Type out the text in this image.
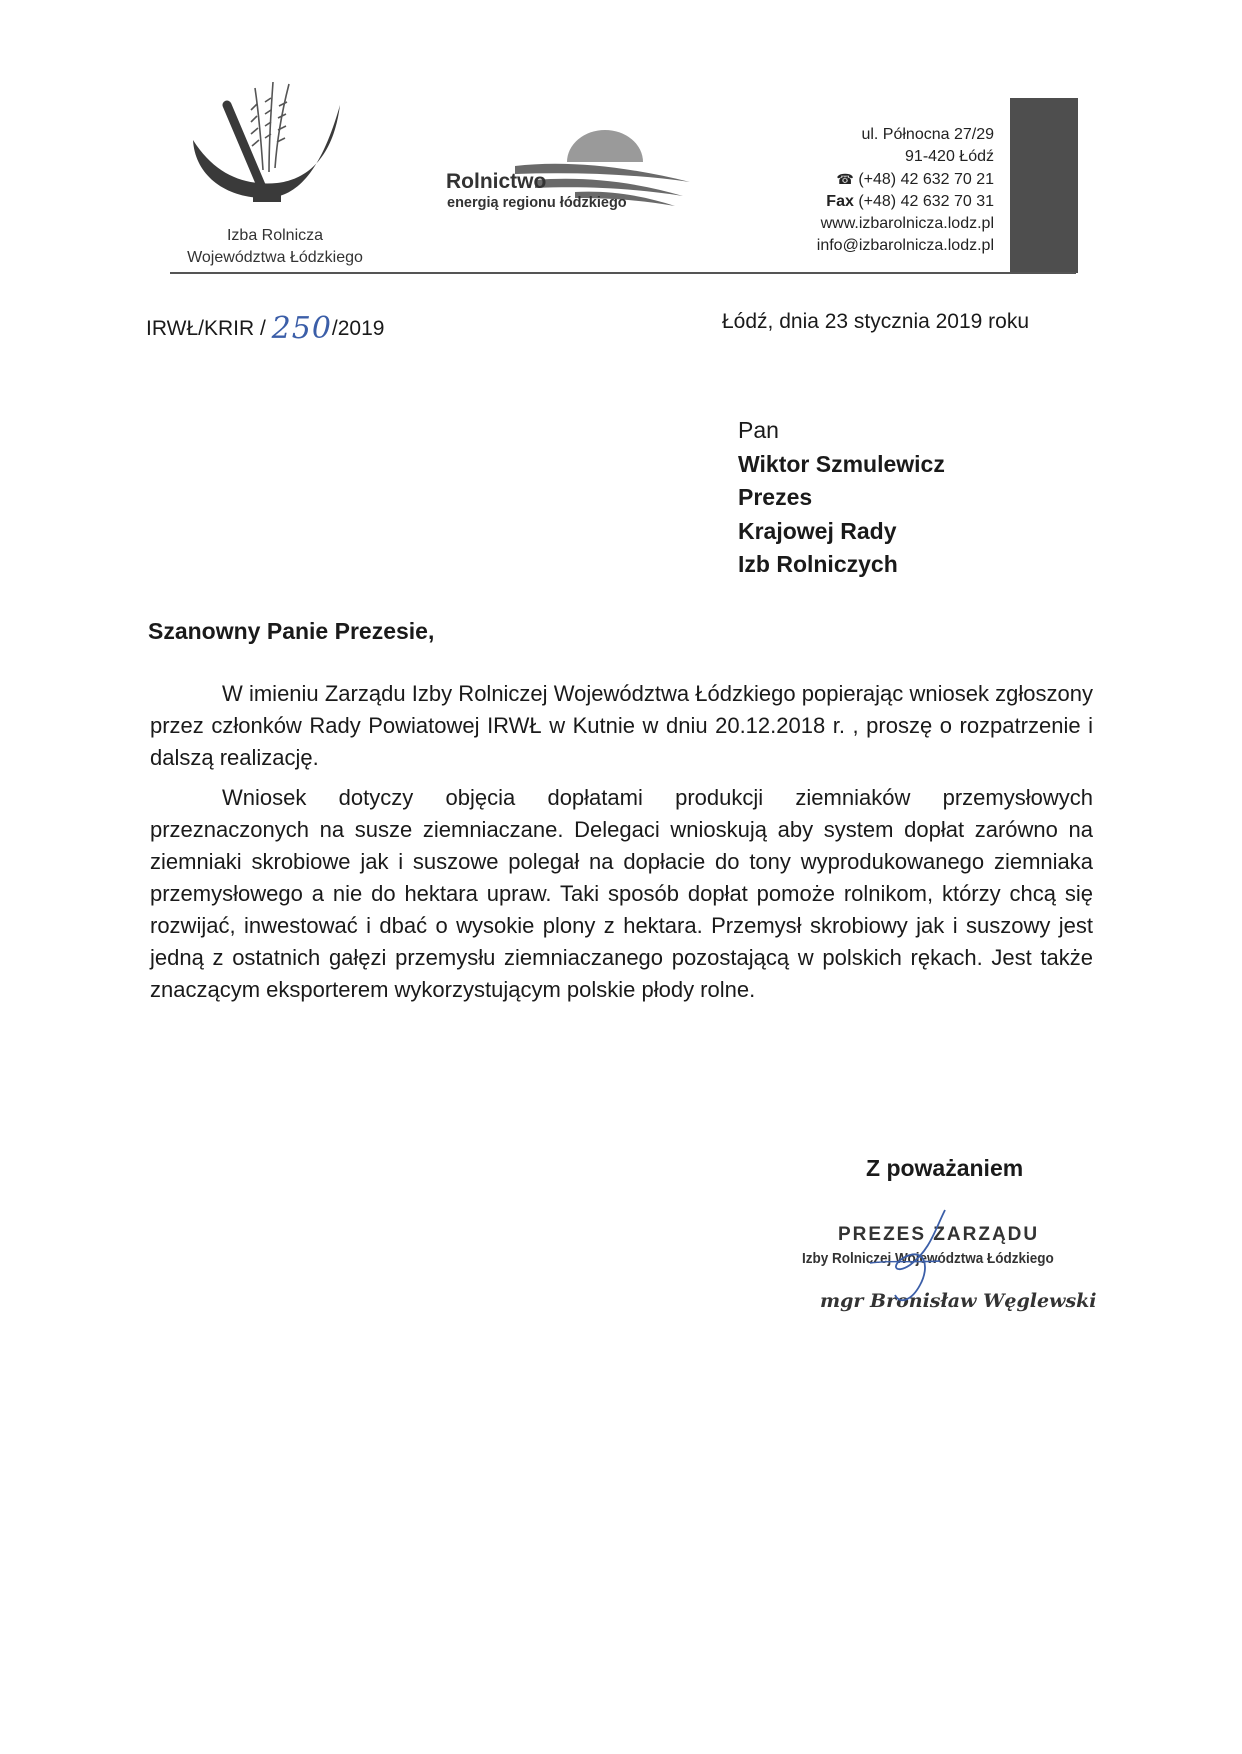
Izba Rolnicza
Województwa Łódzkiego
Rolnictwo
energią regionu łódzkiego
ul. Północna 27/29
91-420 Łódź
☎ (+48) 42 632 70 21
Fax (+48) 42 632 70 31
www.izbarolnicza.lodz.pl
info@izbarolnicza.lodz.pl
IRWŁ/KRIR / 250/2019	Łódź, dnia 23 stycznia 2019 roku
Pan
Wiktor Szmulewicz
Prezes
Krajowej Rady
Izb Rolniczych
Szanowny Panie Prezesie,

W imieniu Zarządu Izby Rolniczej Województwa Łódzkiego popierając wniosek zgłoszony przez członków Rady Powiatowej IRWŁ w Kutnie w dniu 20.12.2018 r. , proszę o rozpatrzenie i dalszą realizację.

Wniosek dotyczy objęcia dopłatami produkcji ziemniaków przemysłowych przeznaczonych na susze ziemniaczane. Delegaci wnioskują aby system dopłat zarówno na ziemniaki skrobiowe jak i suszowe polegał na dopłacie do tony wyprodukowanego ziemniaka przemysłowego a nie do hektara upraw. Taki sposób dopłat pomoże rolnikom, którzy chcą się rozwijać, inwestować i dbać o wysokie plony z hektara. Przemysł skrobiowy jak i suszowy jest jedną z ostatnich gałęzi przemysłu ziemniaczanego pozostającą w polskich rękach. Jest także znaczącym eksporterem wykorzystującym polskie płody rolne.

Z poważaniem
PREZES ZARZĄDU
Izby Rolniczej Województwa Łódzkiego
mgr Bronisław Węglewski
